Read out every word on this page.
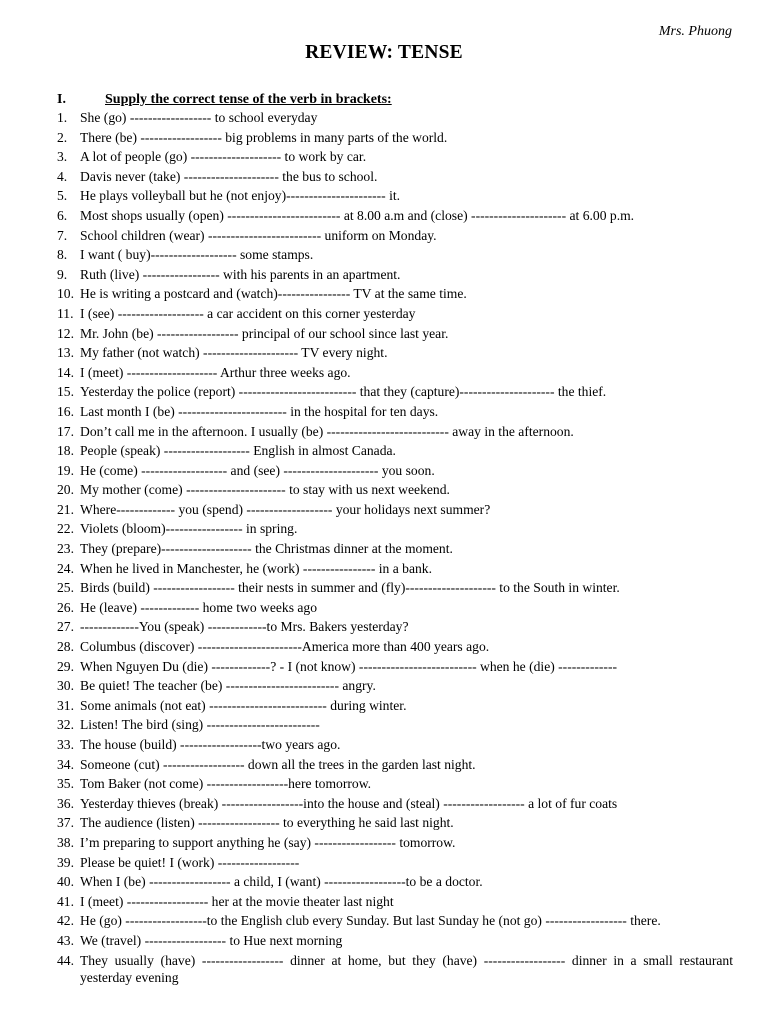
Mrs. Phuong
REVIEW: TENSE
I.	Supply the correct tense of the verb in brackets:
1. She (go) ------------------ to school everyday
2. There (be) ------------------ big problems in many parts of the world.
3. A lot of people (go) -------------------- to work by car.
4. Davis never (take) --------------------- the bus to school.
5. He plays volleyball but he (not enjoy)---------------------- it.
6. Most shops usually (open) ------------------------- at 8.00 a.m and (close) --------------------- at 6.00 p.m.
7. School children (wear) ------------------------- uniform on Monday.
8. I want ( buy)------------------- some stamps.
9. Ruth (live) ----------------- with his parents in an apartment.
10. He is writing a postcard and (watch)---------------- TV at the same time.
11. I (see) ------------------- a car accident on this corner yesterday
12. Mr. John (be) ------------------ principal of our school since last year.
13. My father (not watch) --------------------- TV every night.
14. I (meet) -------------------- Arthur three weeks ago.
15. Yesterday the police (report) -------------------------- that they (capture)--------------------- the thief.
16. Last month I (be) ------------------------ in the hospital for ten days.
17. Don’t call me in the afternoon. I usually (be) --------------------------- away in the afternoon.
18. People (speak) ------------------- English in almost Canada.
19. He (come) ------------------- and (see) --------------------- you soon.
20. My mother (come) ---------------------- to stay with us next weekend.
21. Where------------- you (spend) ------------------- your holidays next summer?
22. Violets (bloom)----------------- in spring.
23. They (prepare)-------------------- the Christmas dinner at the moment.
24. When he lived in Manchester, he (work) ---------------- in a bank.
25. Birds (build) ------------------ their nests in summer and (fly)-------------------- to the South in winter.
26. He (leave) ------------- home two weeks ago
27. -------------You (speak) -------------to Mrs. Bakers yesterday?
28. Columbus (discover) -----------------------America more than 400 years ago.
29. When Nguyen Du (die) -------------? - I (not know) -------------------------- when he (die) -------------
30. Be quiet! The teacher (be) ------------------------- angry.
31. Some animals (not eat) -------------------------- during winter.
32. Listen! The bird (sing) -------------------------
33. The house (build) ------------------two years ago.
34. Someone (cut) ------------------ down all the trees in the garden last night.
35. Tom Baker (not come) ------------------here tomorrow.
36. Yesterday thieves (break) ------------------into the house and (steal) ------------------ a lot of fur coats
37. The audience (listen) ------------------ to everything he said last night.
38. I’m preparing to support anything he (say) ------------------ tomorrow.
39. Please be quiet! I (work) ------------------
40. When I (be) ------------------ a child, I (want) ------------------to be a doctor.
41. I (meet) ------------------ her at the movie theater last night
42. He (go) ------------------to the English club every Sunday. But last Sunday he (not go) ------------------ there.
43. We (travel) ------------------ to Hue next morning
44. They usually (have) ------------------ dinner at home, but they (have) ------------------ dinner in a small restaurant yesterday evening
